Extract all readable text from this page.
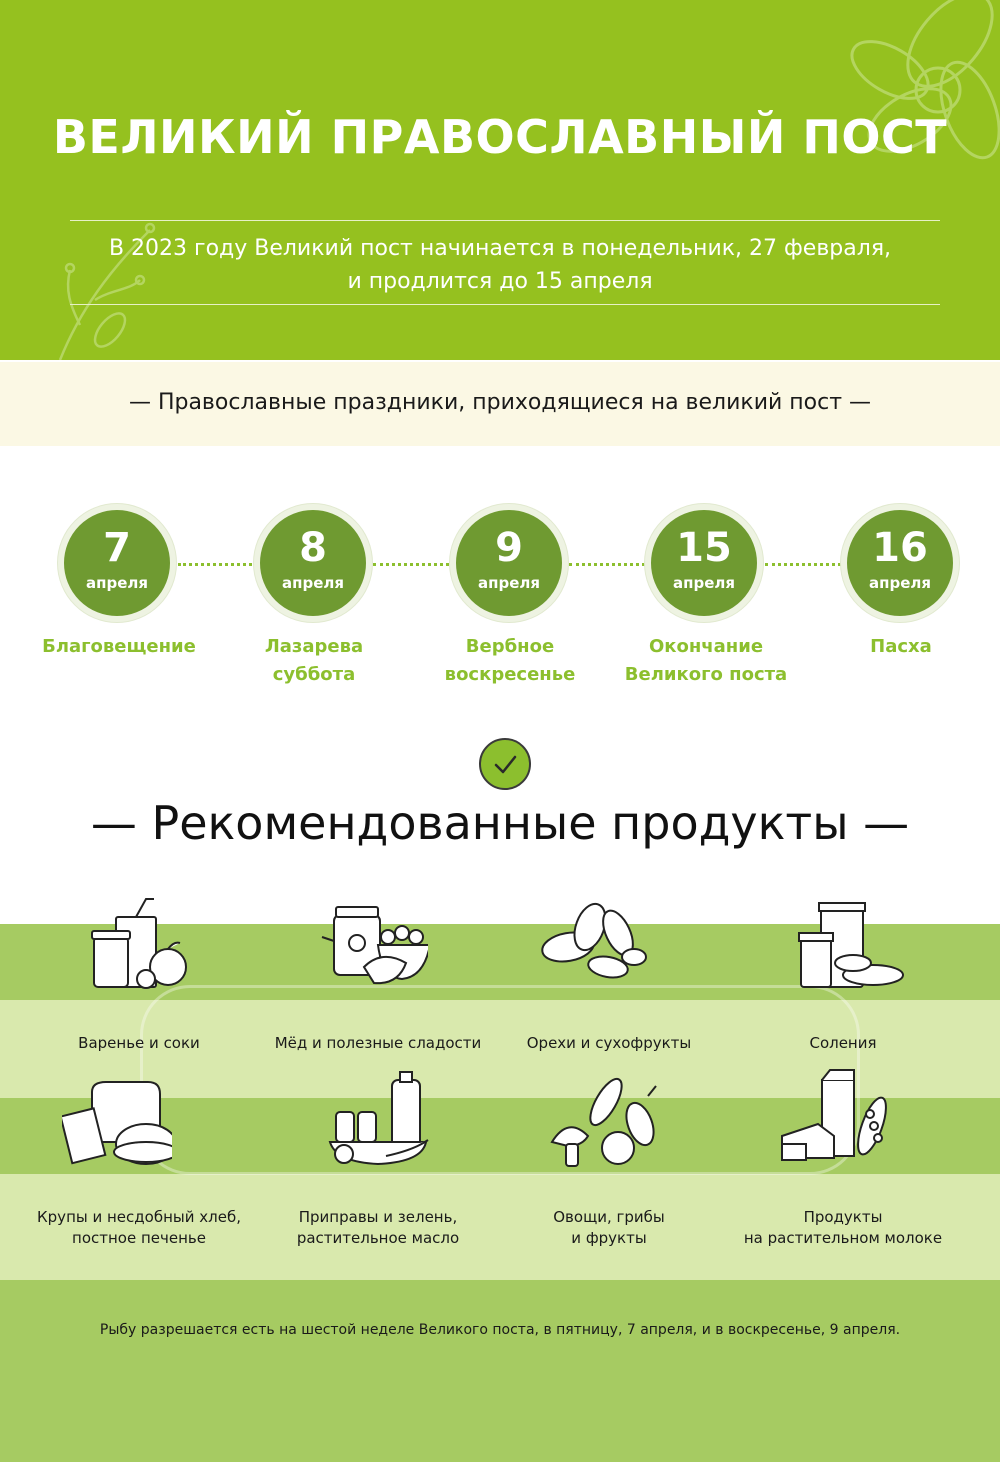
ВЕЛИКИЙ ПРАВОСЛАВНЫЙ ПОСТ
В 2023 году Великий пост начинается в понедельник, 27 февраля,
и продлится до 15 апреля
— Православные праздники, приходящиеся на великий пост —
7
апреля
8
апреля
9
апреля
15
апреля
16
апреля
Благовещение	Лазарева
суббота
Вербное
воскресенье
Окончание
Великого поста
Пасха
— Рекомендованные продукты —
Варенье и соки	Мёд и полезные сладости	Орехи и сухофрукты	Соления
Крупы и несдобный хлеб,
постное печенье
Приправы и зелень,
растительное масло
Овощи, грибы
и фрукты
Продукты
на растительном молоке
Рыбу разрешается есть на шестой неделе Великого поста, в пятницу, 7 апреля, и в воскресенье, 9 апреля.
